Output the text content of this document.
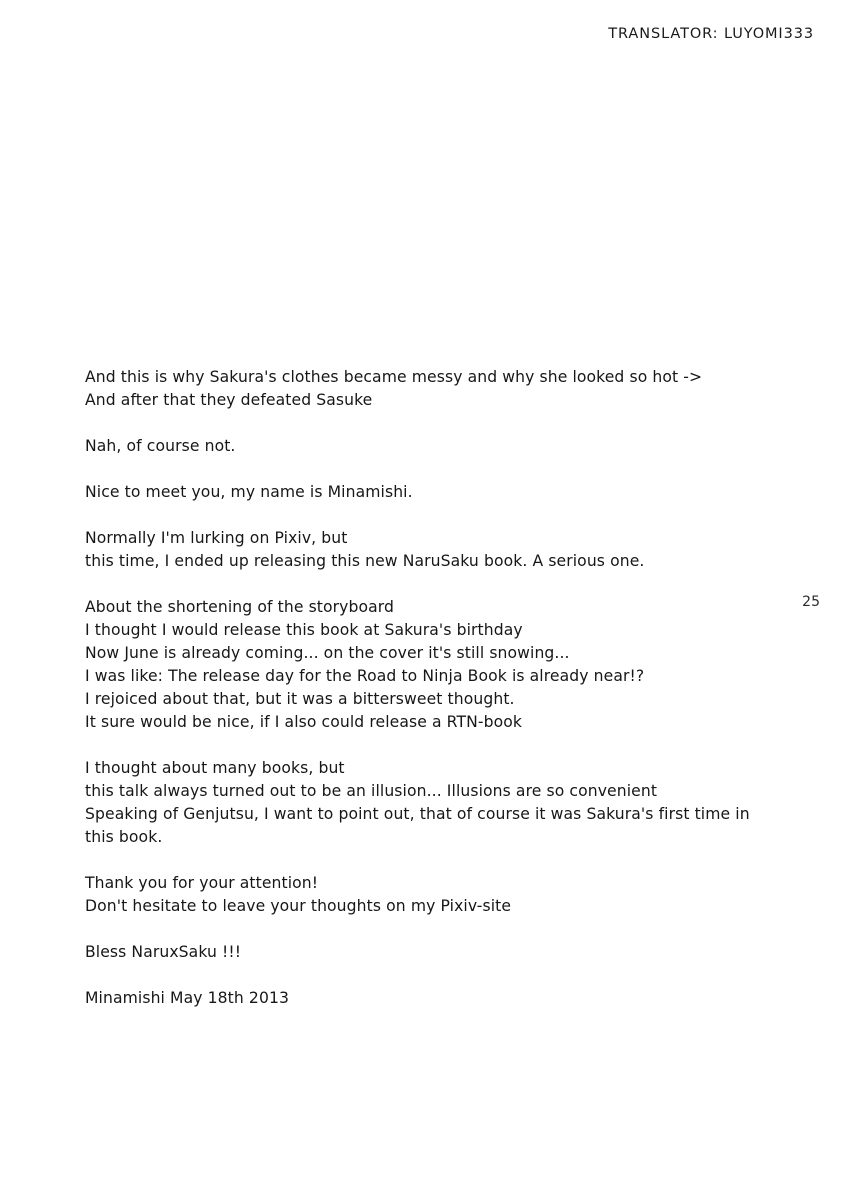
TRANSLATOR: LUYOMI333
25
And this is why Sakura's clothes became messy and why she looked so hot ->
And after that they defeated Sasuke
Nah, of course not.
Nice to meet you, my name is Minamishi.
Normally I'm lurking on Pixiv, but
this time, I ended up releasing this new NaruSaku book. A serious one.
About the shortening of the storyboard
I thought I would release this book at Sakura's birthday
Now June is already coming... on the cover it's still snowing...
I was like: The release day for the Road to Ninja Book is already near!?
I rejoiced about that, but it was a bittersweet thought.
It sure would be nice, if I also could release a RTN-book
I thought about many books, but
this talk always turned out to be an illusion... Illusions are so convenient
Speaking of Genjutsu, I want to point out, that of course it was Sakura's first time in
this book.
Thank you for your attention!
Don't hesitate to leave your thoughts on my Pixiv-site
Bless NaruxSaku !!!
Minamishi May 18th 2013
